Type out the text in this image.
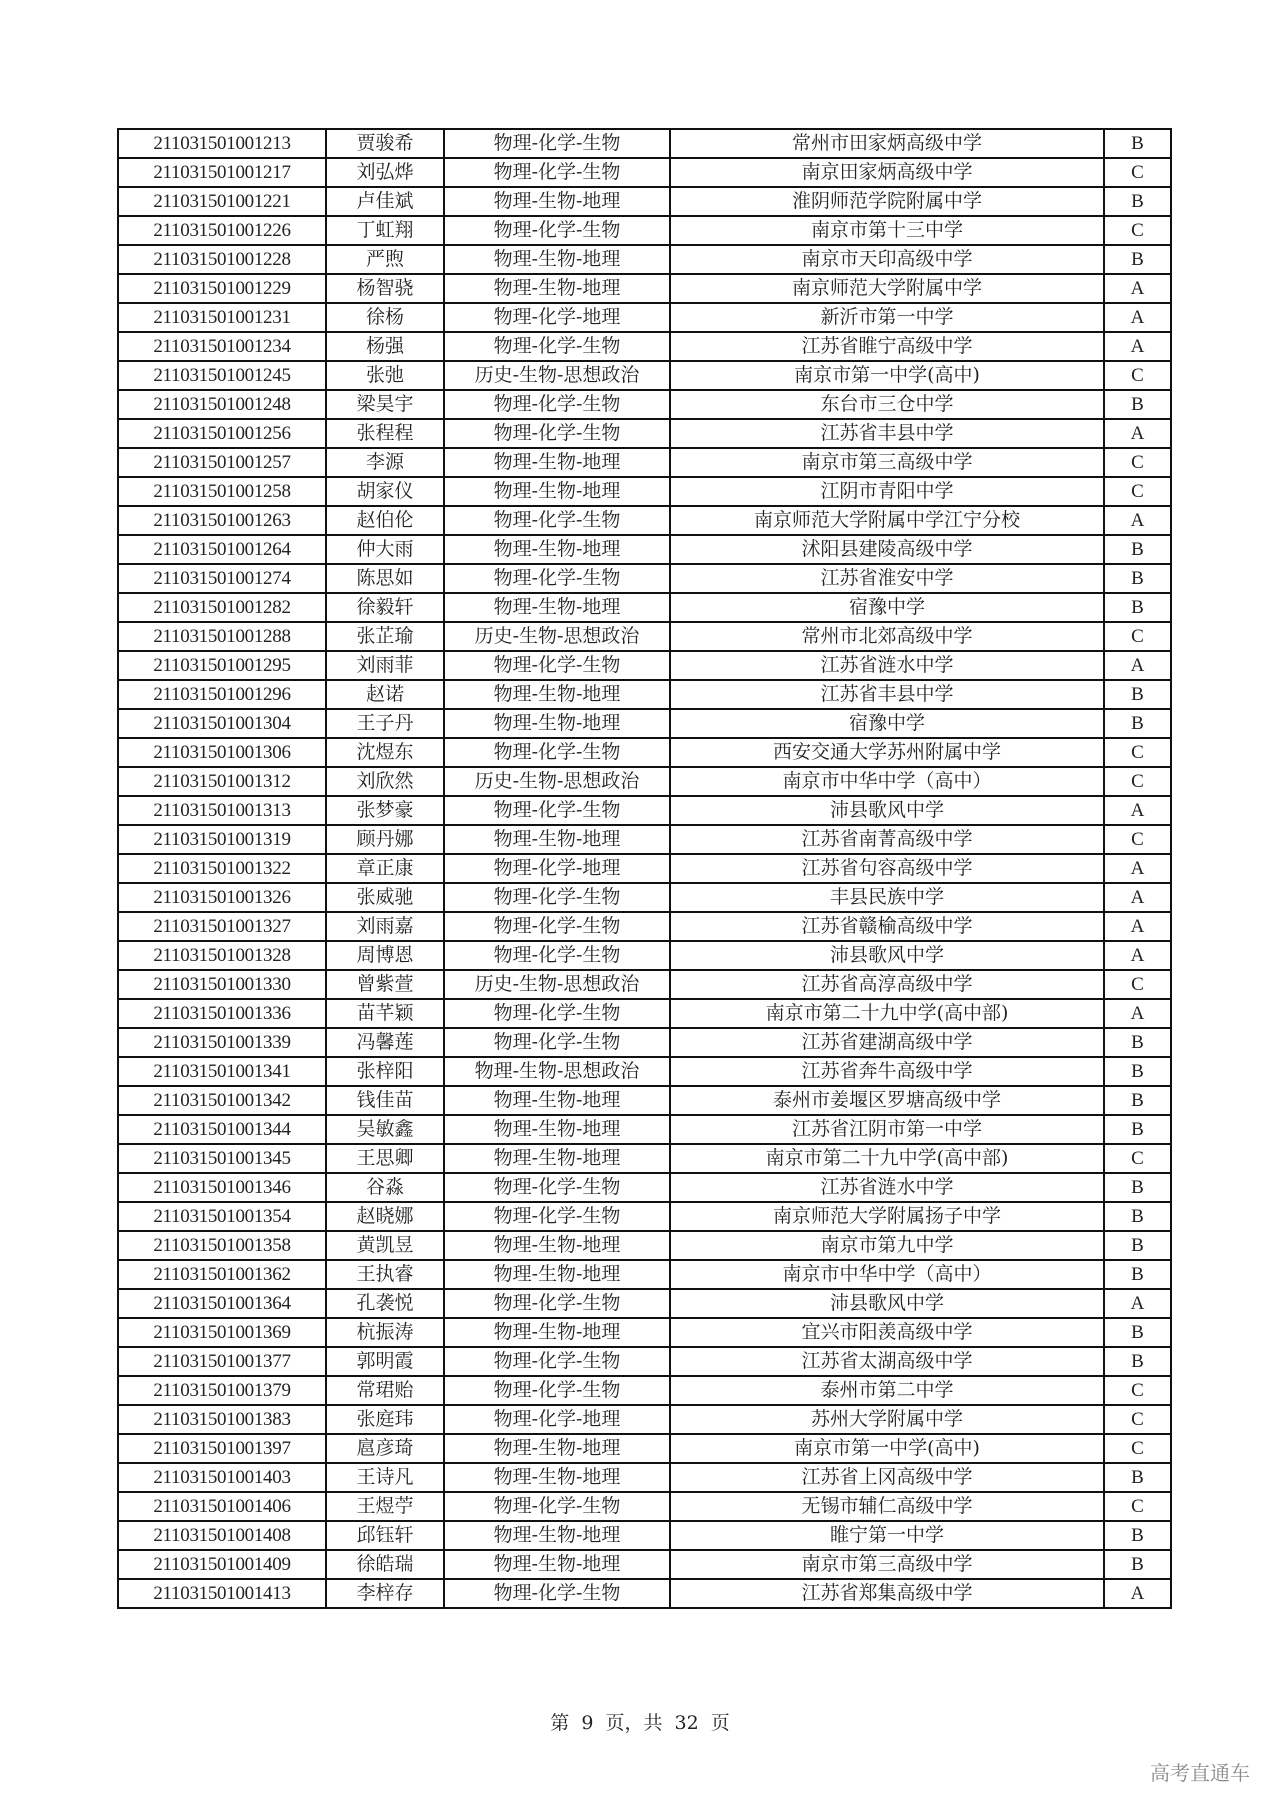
211031501001213	贾骏希	物理-化学-生物	常州市田家炳高级中学	B
211031501001217	刘弘烨	物理-化学-生物	南京田家炳高级中学	C
211031501001221	卢佳斌	物理-生物-地理	淮阴师范学院附属中学	B
211031501001226	丁虹翔	物理-化学-生物	南京市第十三中学	C
211031501001228	严煦	物理-生物-地理	南京市天印高级中学	B
211031501001229	杨智骁	物理-生物-地理	南京师范大学附属中学	A
211031501001231	徐杨	物理-化学-地理	新沂市第一中学	A
211031501001234	杨强	物理-化学-生物	江苏省睢宁高级中学	A
211031501001245	张弛	历史-生物-思想政治	南京市第一中学(高中)	C
211031501001248	梁昊宇	物理-化学-生物	东台市三仓中学	B
211031501001256	张程程	物理-化学-生物	江苏省丰县中学	A
211031501001257	李源	物理-生物-地理	南京市第三高级中学	C
211031501001258	胡家仪	物理-生物-地理	江阴市青阳中学	C
211031501001263	赵伯伦	物理-化学-生物	南京师范大学附属中学江宁分校	A
211031501001264	仲大雨	物理-生物-地理	沭阳县建陵高级中学	B
211031501001274	陈思如	物理-化学-生物	江苏省淮安中学	B
211031501001282	徐毅轩	物理-生物-地理	宿豫中学	B
211031501001288	张芷瑜	历史-生物-思想政治	常州市北郊高级中学	C
211031501001295	刘雨菲	物理-化学-生物	江苏省涟水中学	A
211031501001296	赵诺	物理-生物-地理	江苏省丰县中学	B
211031501001304	王子丹	物理-生物-地理	宿豫中学	B
211031501001306	沈煜东	物理-化学-生物	西安交通大学苏州附属中学	C
211031501001312	刘欣然	历史-生物-思想政治	南京市中华中学（高中）	C
211031501001313	张梦豪	物理-化学-生物	沛县歌风中学	A
211031501001319	顾丹娜	物理-生物-地理	江苏省南菁高级中学	C
211031501001322	章正康	物理-化学-地理	江苏省句容高级中学	A
211031501001326	张威驰	物理-化学-生物	丰县民族中学	A
211031501001327	刘雨嘉	物理-化学-生物	江苏省赣榆高级中学	A
211031501001328	周博恩	物理-化学-生物	沛县歌风中学	A
211031501001330	曾紫萱	历史-生物-思想政治	江苏省高淳高级中学	C
211031501001336	苗芊颖	物理-化学-生物	南京市第二十九中学(高中部)	A
211031501001339	冯馨莲	物理-化学-生物	江苏省建湖高级中学	B
211031501001341	张梓阳	物理-生物-思想政治	江苏省奔牛高级中学	B
211031501001342	钱佳苗	物理-生物-地理	泰州市姜堰区罗塘高级中学	B
211031501001344	吴敏鑫	物理-生物-地理	江苏省江阴市第一中学	B
211031501001345	王思卿	物理-生物-地理	南京市第二十九中学(高中部)	C
211031501001346	谷淼	物理-化学-生物	江苏省涟水中学	B
211031501001354	赵晓娜	物理-化学-生物	南京师范大学附属扬子中学	B
211031501001358	黄凯昱	物理-生物-地理	南京市第九中学	B
211031501001362	王执睿	物理-生物-地理	南京市中华中学（高中）	B
211031501001364	孔袭悦	物理-化学-生物	沛县歌风中学	A
211031501001369	杭振涛	物理-生物-地理	宜兴市阳羡高级中学	B
211031501001377	郭明霞	物理-化学-生物	江苏省太湖高级中学	B
211031501001379	常珺贻	物理-化学-生物	泰州市第二中学	C
211031501001383	张庭玮	物理-化学-地理	苏州大学附属中学	C
211031501001397	扈彦琦	物理-生物-地理	南京市第一中学(高中)	C
211031501001403	王诗凡	物理-生物-地理	江苏省上冈高级中学	B
211031501001406	王煜苧	物理-化学-生物	无锡市辅仁高级中学	C
211031501001408	邱钰轩	物理-生物-地理	睢宁第一中学	B
211031501001409	徐皓瑞	物理-生物-地理	南京市第三高级中学	B
211031501001413	李梓存	物理-化学-生物	江苏省郑集高级中学	A
第 9 页，共 32 页
高考直通车
